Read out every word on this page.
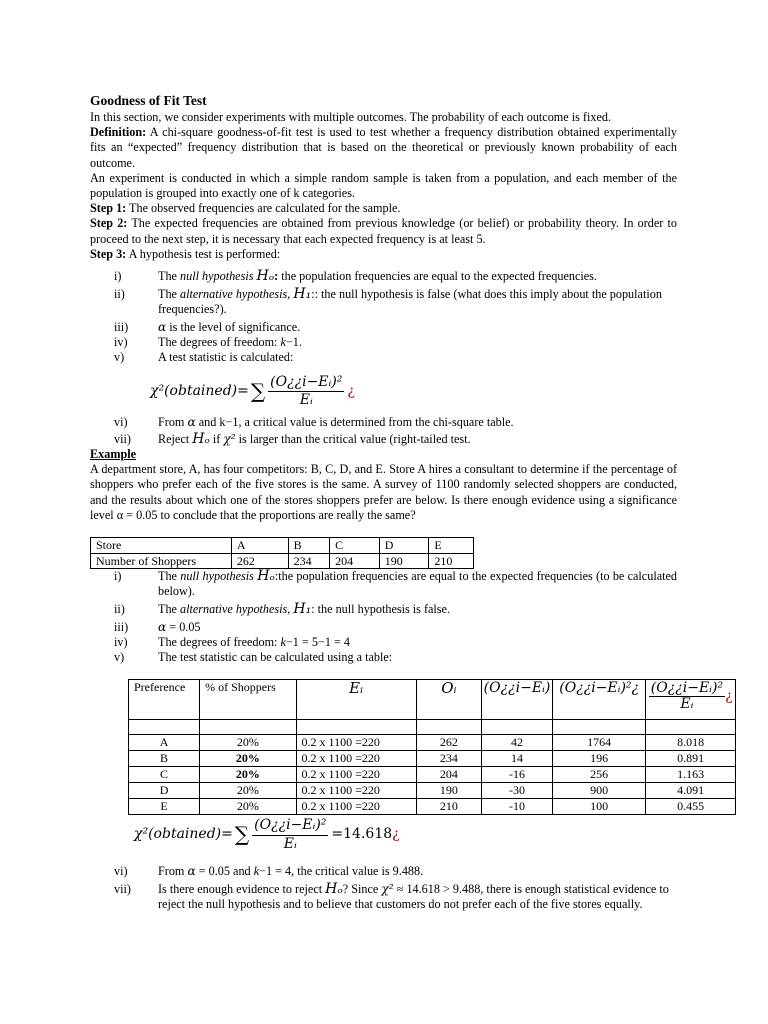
Goodness of Fit Test

In this section, we consider experiments with multiple outcomes. The probability of each outcome is fixed.

Definition: A chi-square goodness-of-fit test is used to test whether a frequency distribution obtained experimentally fits an “expected” frequency distribution that is based on the theoretical or previously known probability of each outcome.

An experiment is conducted in which a simple random sample is taken from a population, and each member of the population is grouped into exactly one of k categories.

Step 1: The observed frequencies are calculated for the sample.

Step 2: The expected frequencies are obtained from previous knowledge (or belief) or probability theory. In order to proceed to the next step, it is necessary that each expected frequency is at least 5.

Step 3: A hypothesis test is performed:

i)	The null hypothesis Hₒ: the population frequencies are equal to the expected frequencies.
ii)	The alternative hypothesis, H₁:: the null hypothesis is false (what does this imply about the population frequencies?).
iii) α is the level of significance.
iv) The degrees of freedom: k−1.
v)	A test statistic is calculated:
χ²(obtained)= ∑ $\frac{\text{(O¿¿i−Eᵢ)²}}{\text{Eᵢ}}$ ¿
vi) From α and k−1, a critical value is determined from the chi-square table.
vii) Reject Hₒ if χ² is larger than the critical value (right-tailed test.

Example

A department store, A, has four competitors: B, C, D, and E. Store A hires a consultant to determine if the percentage of shoppers who prefer each of the five stores is the same. A survey of 1100 randomly selected shoppers are conducted, and the results about which one of the stores shoppers prefer are below. Is there enough evidence using a significance level α = 0.05 to conclude that the proportions are really the same?

Store	A	B	C	D	E
Number of Shoppers	262	234	204	190	210
i)	The null hypothesis Hₒ:the population frequencies are equal to the expected frequencies (to be calculated below).
ii)	The alternative hypothesis, H₁: the null hypothesis is false.
iii) α = 0.05
iv) The degrees of freedom: k−1 = 5−1 = 4
v)	The test statistic can be calculated using a table:
Preference	% of Shoppers	Eᵢ	Oᵢ	(O¿¿i−Eᵢ)	(O¿¿i−Eᵢ)²¿	$\frac{\text{(O¿¿i−Eᵢ)²}}{\text{Eᵢ}}$ ¿

A	20%	0.2 x 1100 =220	262	42	1764	8.018
B	20%	0.2 x 1100 =220	234	14	196	0.891
C	20%	0.2 x 1100 =220	204	-16	256	1.163
D	20%	0.2 x 1100 =220	190	-30	900	4.091
E	20%	0.2 x 1100 =220	210	-10	100	0.455
χ²(obtained)= ∑ $\frac{\text{(O¿¿i−Eᵢ)²}}{\text{Eᵢ}} =14.618$ ¿
vi) From α = 0.05 and k−1 = 4, the critical value is 9.488.
vii) Is there enough evidence to reject Hₒ? Since χ² ≈ 14.618 > 9.488, there is enough statistical evidence to reject the null hypothesis and to believe that customers do not prefer each of the five stores equally.
